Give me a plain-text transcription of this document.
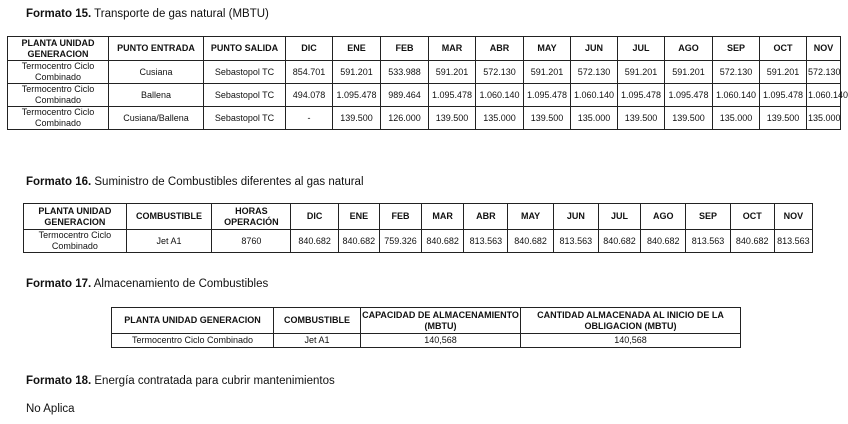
Formato 15. Transporte de gas natural (MBTU)
PLANTA UNIDAD GENERACION	PUNTO ENTRADA	PUNTO SALIDA	DIC	ENE	FEB	MAR	ABR	MAY	JUN	JUL	AGO	SEP	OCT	NOV
Termocentro Ciclo Combinado	Cusiana	Sebastopol TC	854.701	591.201	533.988	591.201	572.130	591.201	572.130	591.201	591.201	572.130	591.201	572.130
Termocentro Ciclo Combinado	Ballena	Sebastopol TC	494.078	1.095.478	989.464	1.095.478	1.060.140	1.095.478	1.060.140	1.095.478	1.095.478	1.060.140	1.095.478	1.060.140
Termocentro Ciclo Combinado	Cusiana/Ballena	Sebastopol TC	-	139.500	126.000	139.500	135.000	139.500	135.000	139.500	139.500	135.000	139.500	135.000
Formato 16. Suministro de Combustibles diferentes al gas natural
PLANTA UNIDAD GENERACION	COMBUSTIBLE	HORAS OPERACIÓN	DIC	ENE	FEB	MAR	ABR	MAY	JUN	JUL	AGO	SEP	OCT	NOV
Termocentro Ciclo Combinado	Jet A1	8760	840.682	840.682	759.326	840.682	813.563	840.682	813.563	840.682	840.682	813.563	840.682	813.563
Formato 17. Almacenamiento de Combustibles
PLANTA UNIDAD GENERACION	COMBUSTIBLE	CAPACIDAD DE ALMACENAMIENTO (MBTU)	CANTIDAD ALMACENADA AL INICIO DE LA OBLIGACION (MBTU)
Termocentro Ciclo Combinado	Jet A1	140,568	140,568
Formato 18. Energía contratada para cubrir mantenimientos
No Aplica
